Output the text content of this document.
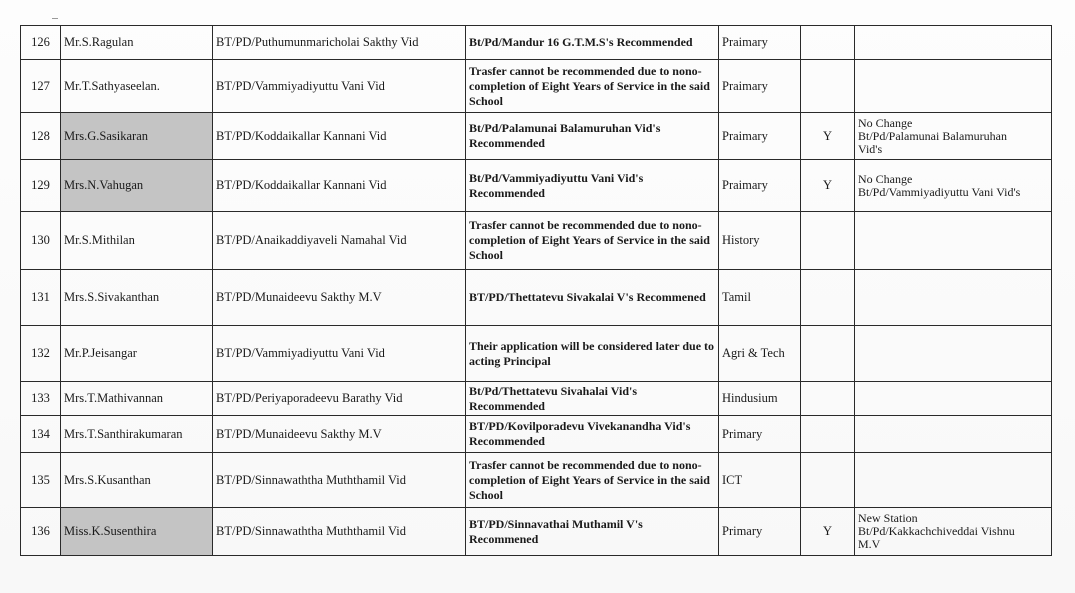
126	Mr.S.Ragulan	BT/PD/Puthumunmaricholai Sakthy Vid	Bt/Pd/Mandur 16 G.T.M.S's Recommended	Praimary		
127	Mr.T.Sathyaseelan.	BT/PD/Vammiyadiyuttu Vani Vid	Trasfer cannot be recommended due to nono-completion of Eight Years of Service in the said School	Praimary		
128	Mrs.G.Sasikaran	BT/PD/Koddaikallar Kannani Vid	Bt/Pd/Palamunai Balamuruhan Vid's Recommended	Praimary	Y	No Change
Bt/Pd/Palamunai Balamuruhan
Vid's

129	Mrs.N.Vahugan	BT/PD/Koddaikallar Kannani Vid	Bt/Pd/Vammiyadiyuttu Vani Vid's Recommended	Praimary	Y	No Change
Bt/Pd/Vammiyadiyuttu Vani Vid's

130	Mr.S.Mithilan	BT/PD/Anaikaddiyaveli Namahal Vid	Trasfer cannot be recommended due to nono-completion of Eight Years of Service in the said School	History		
131	Mrs.S.Sivakanthan	BT/PD/Munaideevu Sakthy M.V	BT/PD/Thettatevu Sivakalai V's Recommened	Tamil		
132	Mr.P.Jeisangar	BT/PD/Vammiyadiyuttu Vani Vid	Their application will be considered later due to acting Principal	Agri & Tech		
133	Mrs.T.Mathivannan	BT/PD/Periyaporadeevu Barathy Vid	Bt/Pd/Thettatevu Sivahalai Vid's Recommended	Hindusium		
134	Mrs.T.Santhirakumaran	BT/PD/Munaideevu Sakthy M.V	BT/PD/Kovilporadevu Vivekanandha Vid's Recommended	Primary		
135	Mrs.S.Kusanthan	BT/PD/Sinnawaththa Muththamil Vid	Trasfer cannot be recommended due to nono-completion of Eight Years of Service in the said School	ICT		
136	Miss.K.Susenthira	BT/PD/Sinnawaththa Muththamil Vid	BT/PD/Sinnavathai Muthamil V's Recommened	Primary	Y	New Station
Bt/Pd/Kakkachchiveddai Vishnu
M.V
